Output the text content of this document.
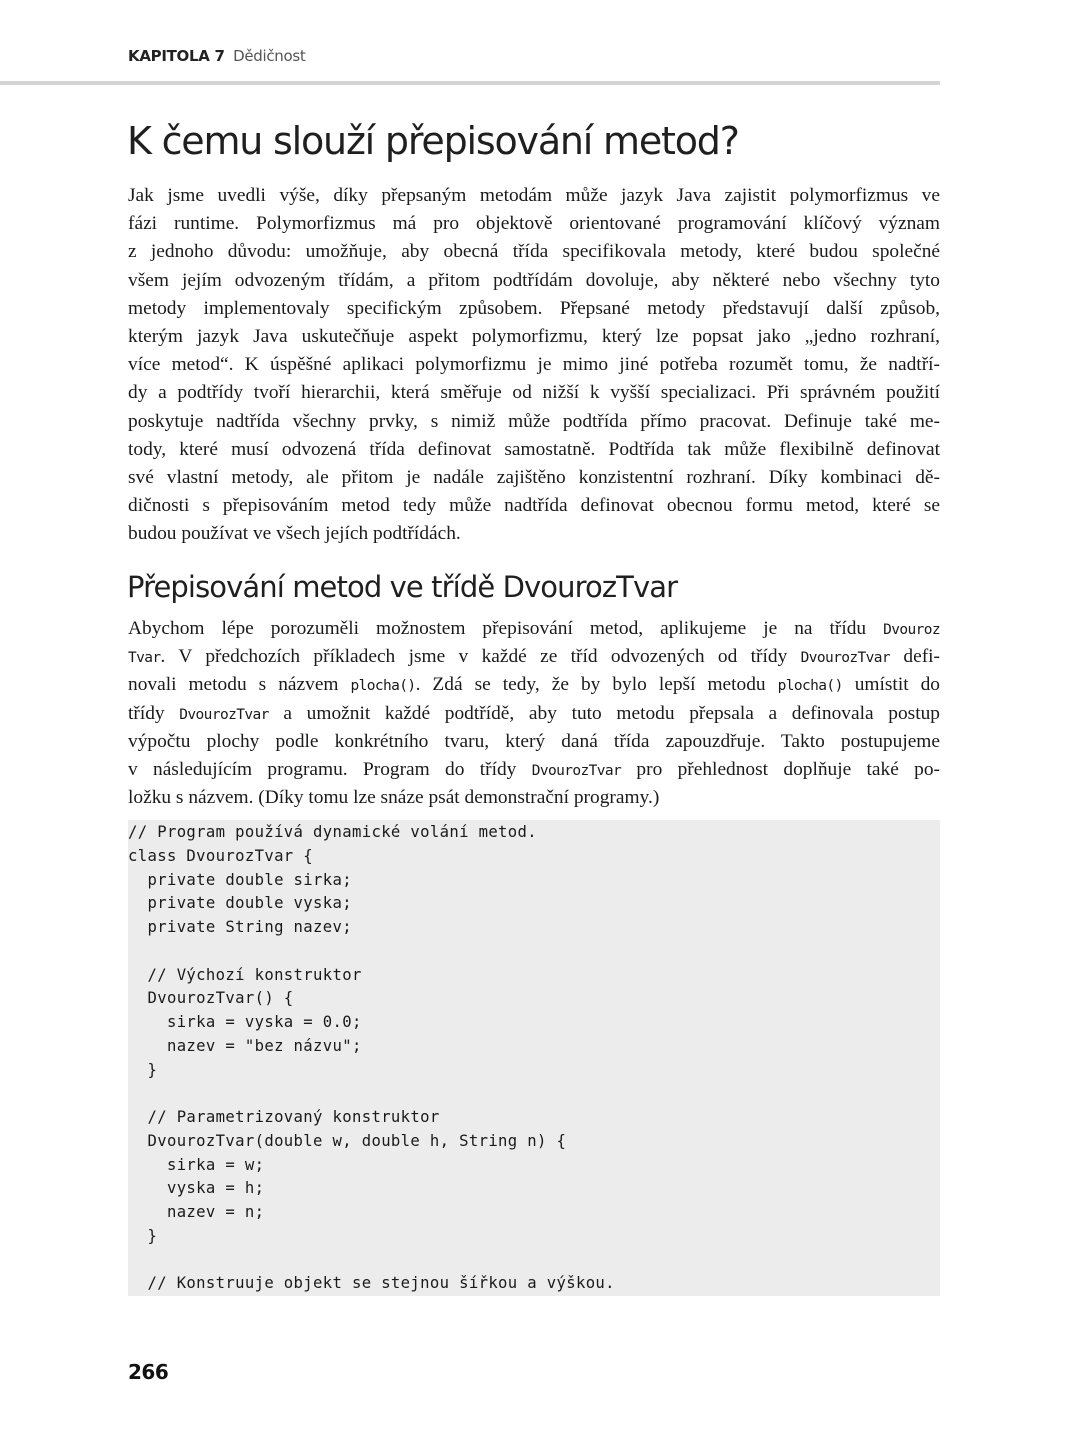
KAPITOLA 7 Dědičnost
K čemu slouží přepisování metod?
Jak jsme uvedli výše, díky přepsaným metodám může jazyk Java zajistit polymorfizmus ve
fázi runtime. Polymorfizmus má pro objektově orientované programování klíčový význam
z jednoho důvodu: umožňuje, aby obecná třída specifikovala metody, které budou společné
všem jejím odvozeným třídám, a přitom podtřídám dovoluje, aby některé nebo všechny tyto
metody implementovaly specifickým způsobem. Přepsané metody představují další způsob,
kterým jazyk Java uskutečňuje aspekt polymorfizmu, který lze popsat jako „jedno rozhraní,
více metod“. K úspěšné aplikaci polymorfizmu je mimo jiné potřeba rozumět tomu, že nadtří-
dy a podtřídy tvoří hierarchii, která směřuje od nižší k vyšší specializaci. Při správném použití
poskytuje nadtřída všechny prvky, s nimiž může podtřída přímo pracovat. Definuje také me-
tody, které musí odvozená třída definovat samostatně. Podtřída tak může flexibilně definovat
své vlastní metody, ale přitom je nadále zajištěno konzistentní rozhraní. Díky kombinaci dě-
dičnosti s přepisováním metod tedy může nadtřída definovat obecnou formu metod, které se
budou používat ve všech jejích podtřídách.
Přepisování metod ve třídě DvourozTvar
Abychom lépe porozuměli možnostem přepisování metod, aplikujeme je na třídu Dvouroz
Tvar. V předchozích příkladech jsme v každé ze tříd odvozených od třídy DvourozTvar defi-
novali metodu s názvem plocha(). Zdá se tedy, že by bylo lepší metodu plocha() umístit do
třídy DvourozTvar a umožnit každé podtřídě, aby tuto metodu přepsala a definovala postup
výpočtu plochy podle konkrétního tvaru, který daná třída zapouzdřuje. Takto postupujeme
v následujícím programu. Program do třídy DvourozTvar pro přehlednost doplňuje také po-
ložku s názvem. (Díky tomu lze snáze psát demonstrační programy.)
// Program používá dynamické volání metod.
class DvourozTvar {
private double sirka;
private double vyska;
private String nazev;
// Výchozí konstruktor
DvourozTvar() {
sirka = vyska = 0.0;
nazev = "bez názvu";
}
// Parametrizovaný konstruktor
DvourozTvar(double w, double h, String n) {
sirka = w;
vyska = h;
nazev = n;
}
// Konstruuje objekt se stejnou šířkou a výškou.
266
